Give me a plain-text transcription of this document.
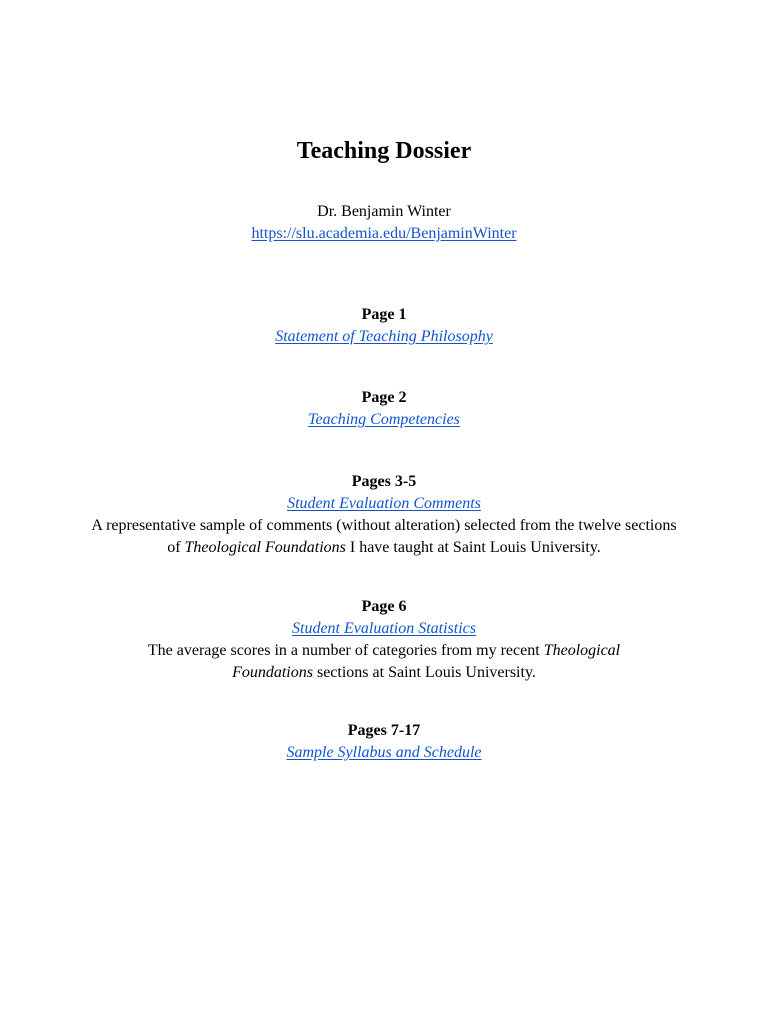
Teaching Dossier
Dr. Benjamin Winter
https://slu.academia.edu/BenjaminWinter
Page 1
Statement of Teaching Philosophy
Page 2
Teaching Competencies
Pages 3-5
Student Evaluation Comments
A representative sample of comments (without alteration) selected from the twelve sections of Theological Foundations I have taught at Saint Louis University.
Page 6
Student Evaluation Statistics
The average scores in a number of categories from my recent Theological Foundations sections at Saint Louis University.
Pages 7-17
Sample Syllabus and Schedule
